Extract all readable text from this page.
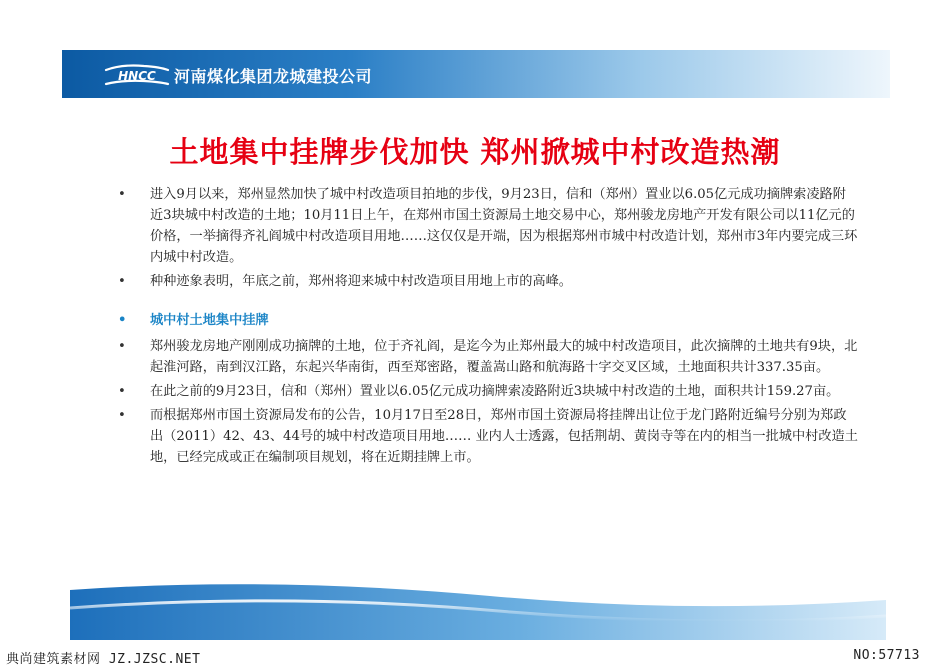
HNCC 河南煤化集团龙城建投公司
土地集中挂牌步伐加快 郑州掀城中村改造热潮

• 进入9月以来，郑州显然加快了城中村改造项目拍地的步伐，9月23日，信和（郑州）置业以6.05亿元成功摘牌索凌路附近3块城中村改造的土地；10月11日上午，在郑州市国土资源局土地交易中心，郑州骏龙房地产开发有限公司以11亿元的价格，一举摘得齐礼阎城中村改造项目用地……这仅仅是开端，因为根据郑州市城中村改造计划，郑州市3年内要完成三环内城中村改造。

• 种种迹象表明，年底之前，郑州将迎来城中村改造项目用地上市的高峰。

• 城中村土地集中挂牌

• 郑州骏龙房地产刚刚成功摘牌的土地，位于齐礼阎，是迄今为止郑州最大的城中村改造项目，此次摘牌的土地共有9块，北起淮河路，南到汉江路，东起兴华南街，西至郑密路，覆盖嵩山路和航海路十字交叉区域，土地面积共计337.35亩。

• 在此之前的9月23日，信和（郑州）置业以6.05亿元成功摘牌索凌路附近3块城中村改造的土地，面积共计159.27亩。

• 而根据郑州市国土资源局发布的公告，10月17日至28日，郑州市国土资源局将挂牌出让位于龙门路附近编号分别为郑政出（2011）42、43、44号的城中村改造项目用地…… 业内人士透露，包括荆胡、黄岗寺等在内的相当一批城中村改造土地，已经完成或正在编制项目规划，将在近期挂牌上市。

典尚建筑素材网 JZ.JZSC.NET	NO:57713
